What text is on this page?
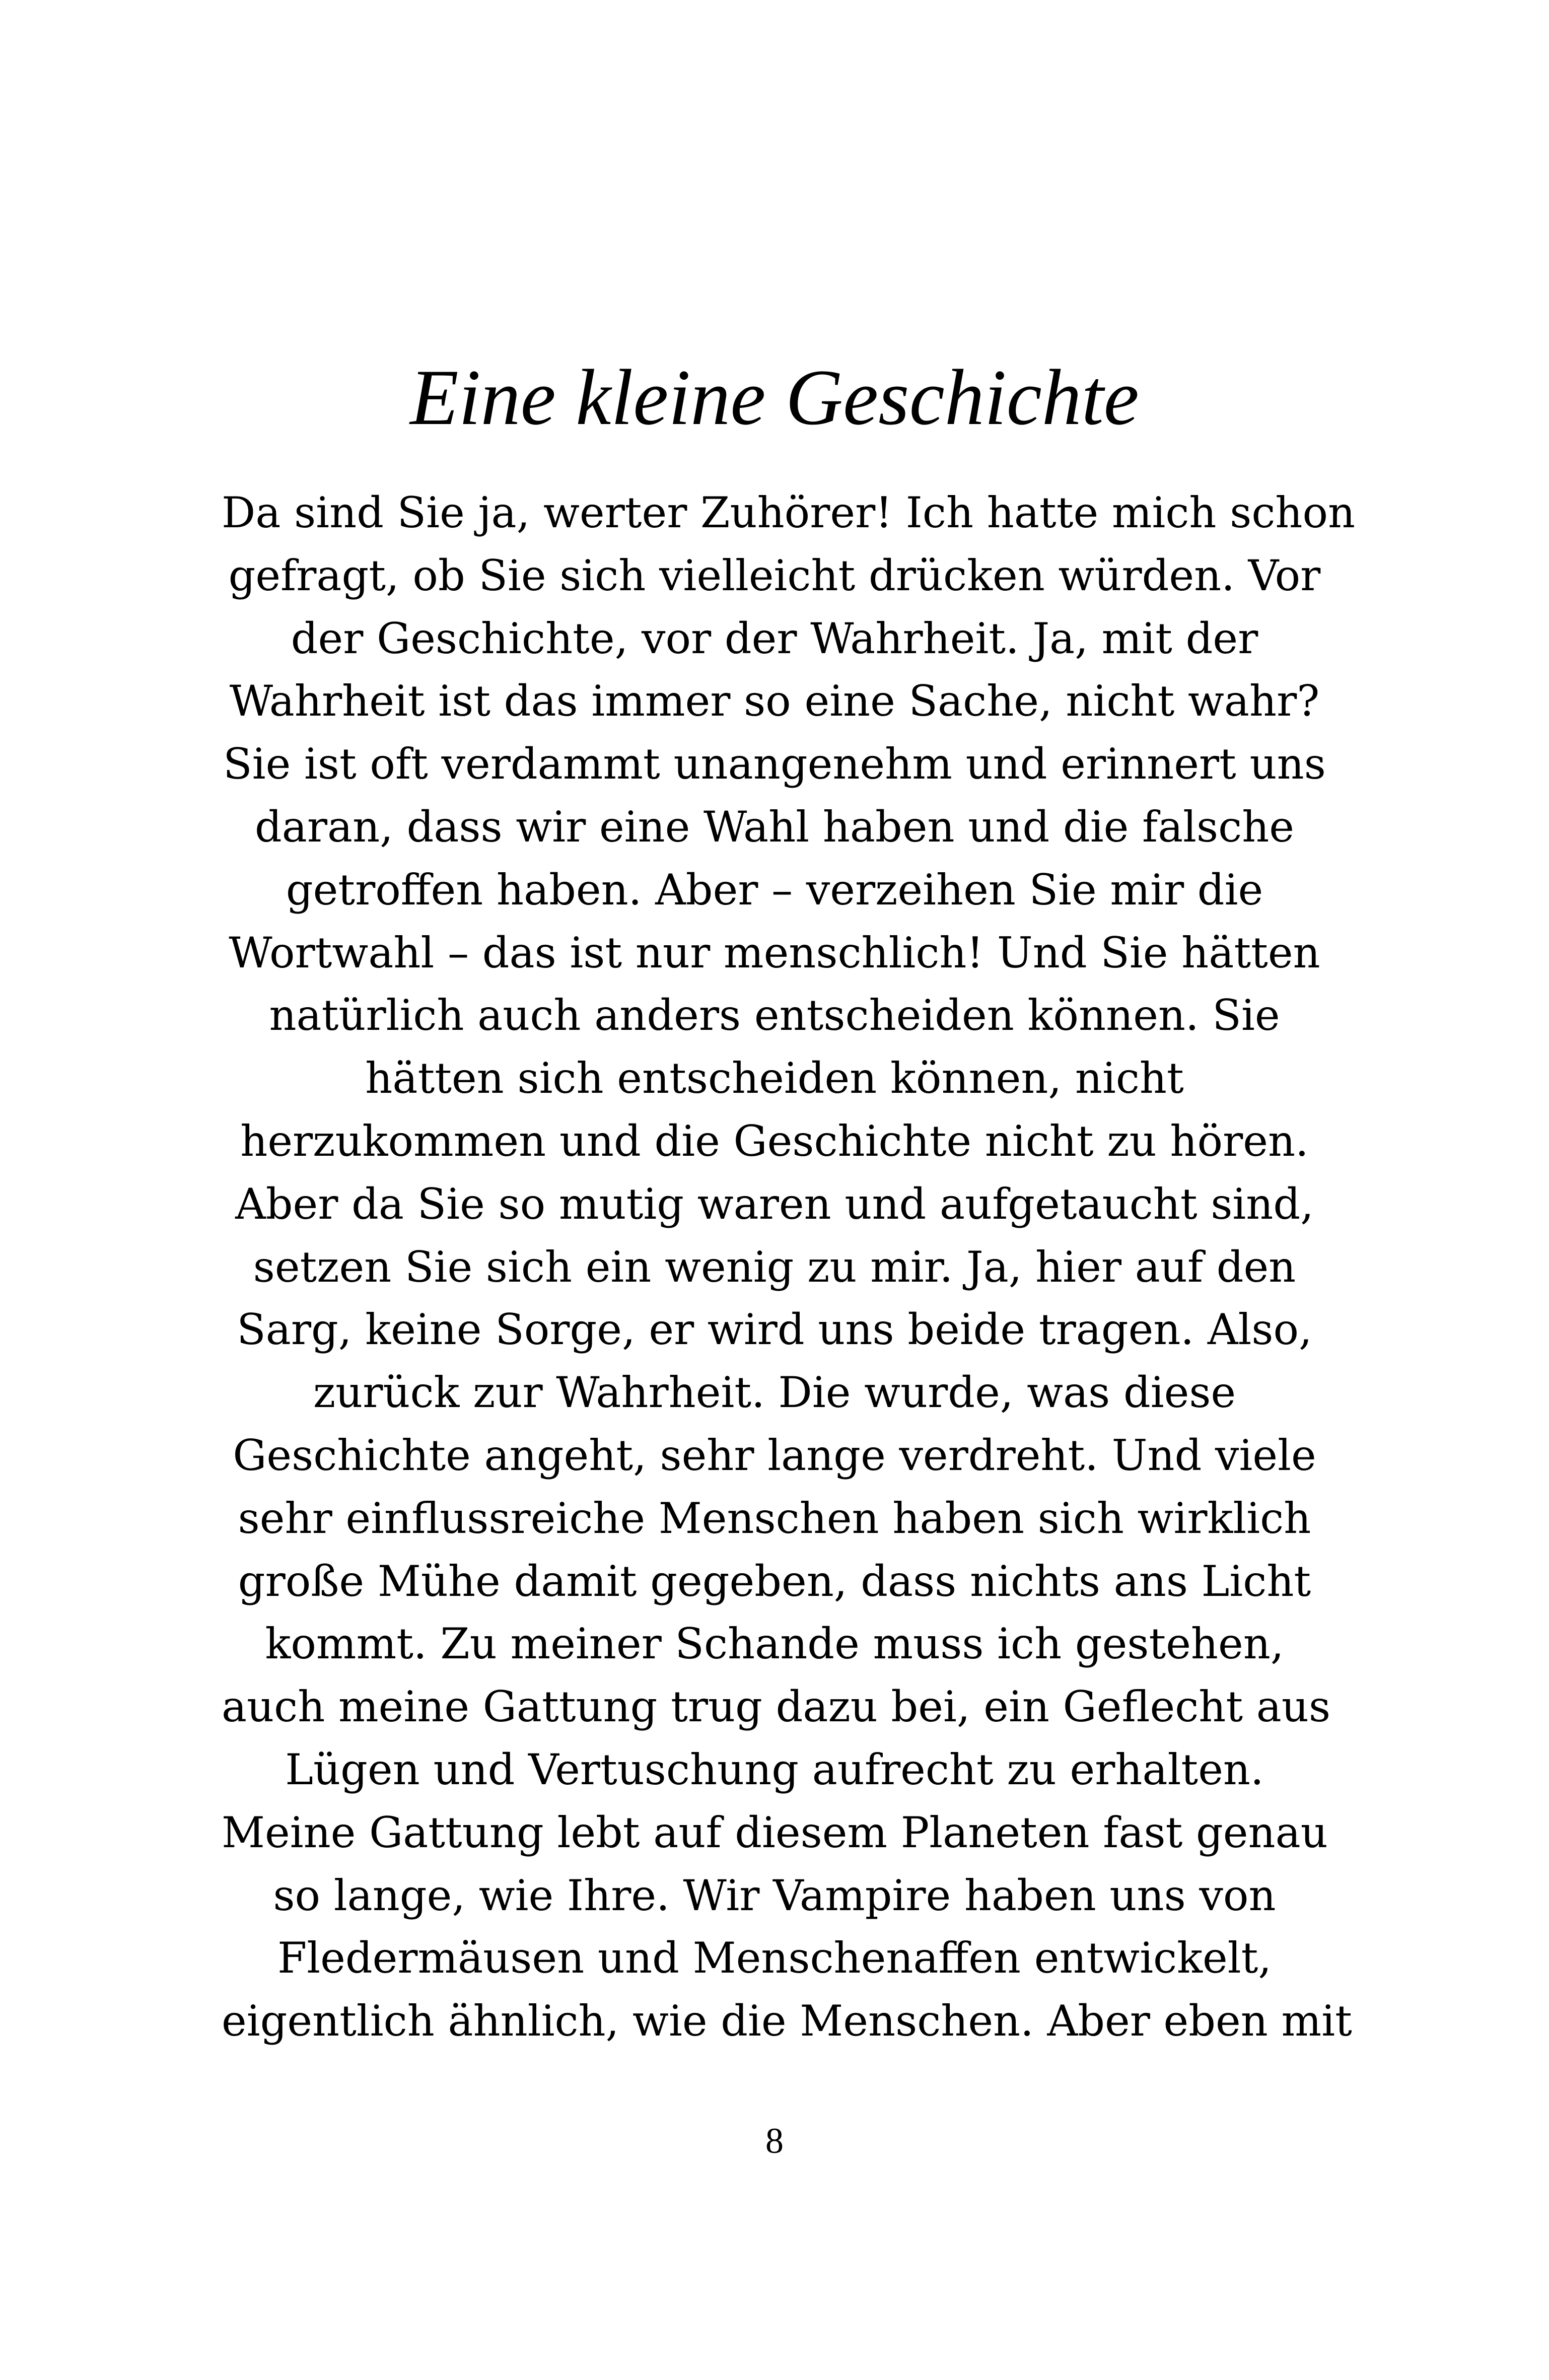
Eine kleine Geschichte
Da sind Sie ja, werter Zuhörer! Ich hatte mich schon
gefragt, ob Sie sich vielleicht drücken würden. Vor
der Geschichte, vor der Wahrheit. Ja, mit der
Wahrheit ist das immer so eine Sache, nicht wahr?
Sie ist oft verdammt unangenehm und erinnert uns
daran, dass wir eine Wahl haben und die falsche
getroffen haben. Aber – verzeihen Sie mir die
Wortwahl – das ist nur menschlich! Und Sie hätten
natürlich auch anders entscheiden können. Sie
hätten sich entscheiden können, nicht
herzukommen und die Geschichte nicht zu hören.
Aber da Sie so mutig waren und aufgetaucht sind,
setzen Sie sich ein wenig zu mir. Ja, hier auf den
Sarg, keine Sorge, er wird uns beide tragen. Also,
zurück zur Wahrheit. Die wurde, was diese
Geschichte angeht, sehr lange verdreht. Und viele
sehr einflussreiche Menschen haben sich wirklich
große Mühe damit gegeben, dass nichts ans Licht
kommt. Zu meiner Schande muss ich gestehen,
auch meine Gattung trug dazu bei, ein Geflecht aus
Lügen und Vertuschung aufrecht zu erhalten.
Meine Gattung lebt auf diesem Planeten fast genau
so lange, wie Ihre. Wir Vampire haben uns von
Fledermäusen und Menschenaffen entwickelt,
eigentlich ähnlich, wie die Menschen. Aber eben mit
8
